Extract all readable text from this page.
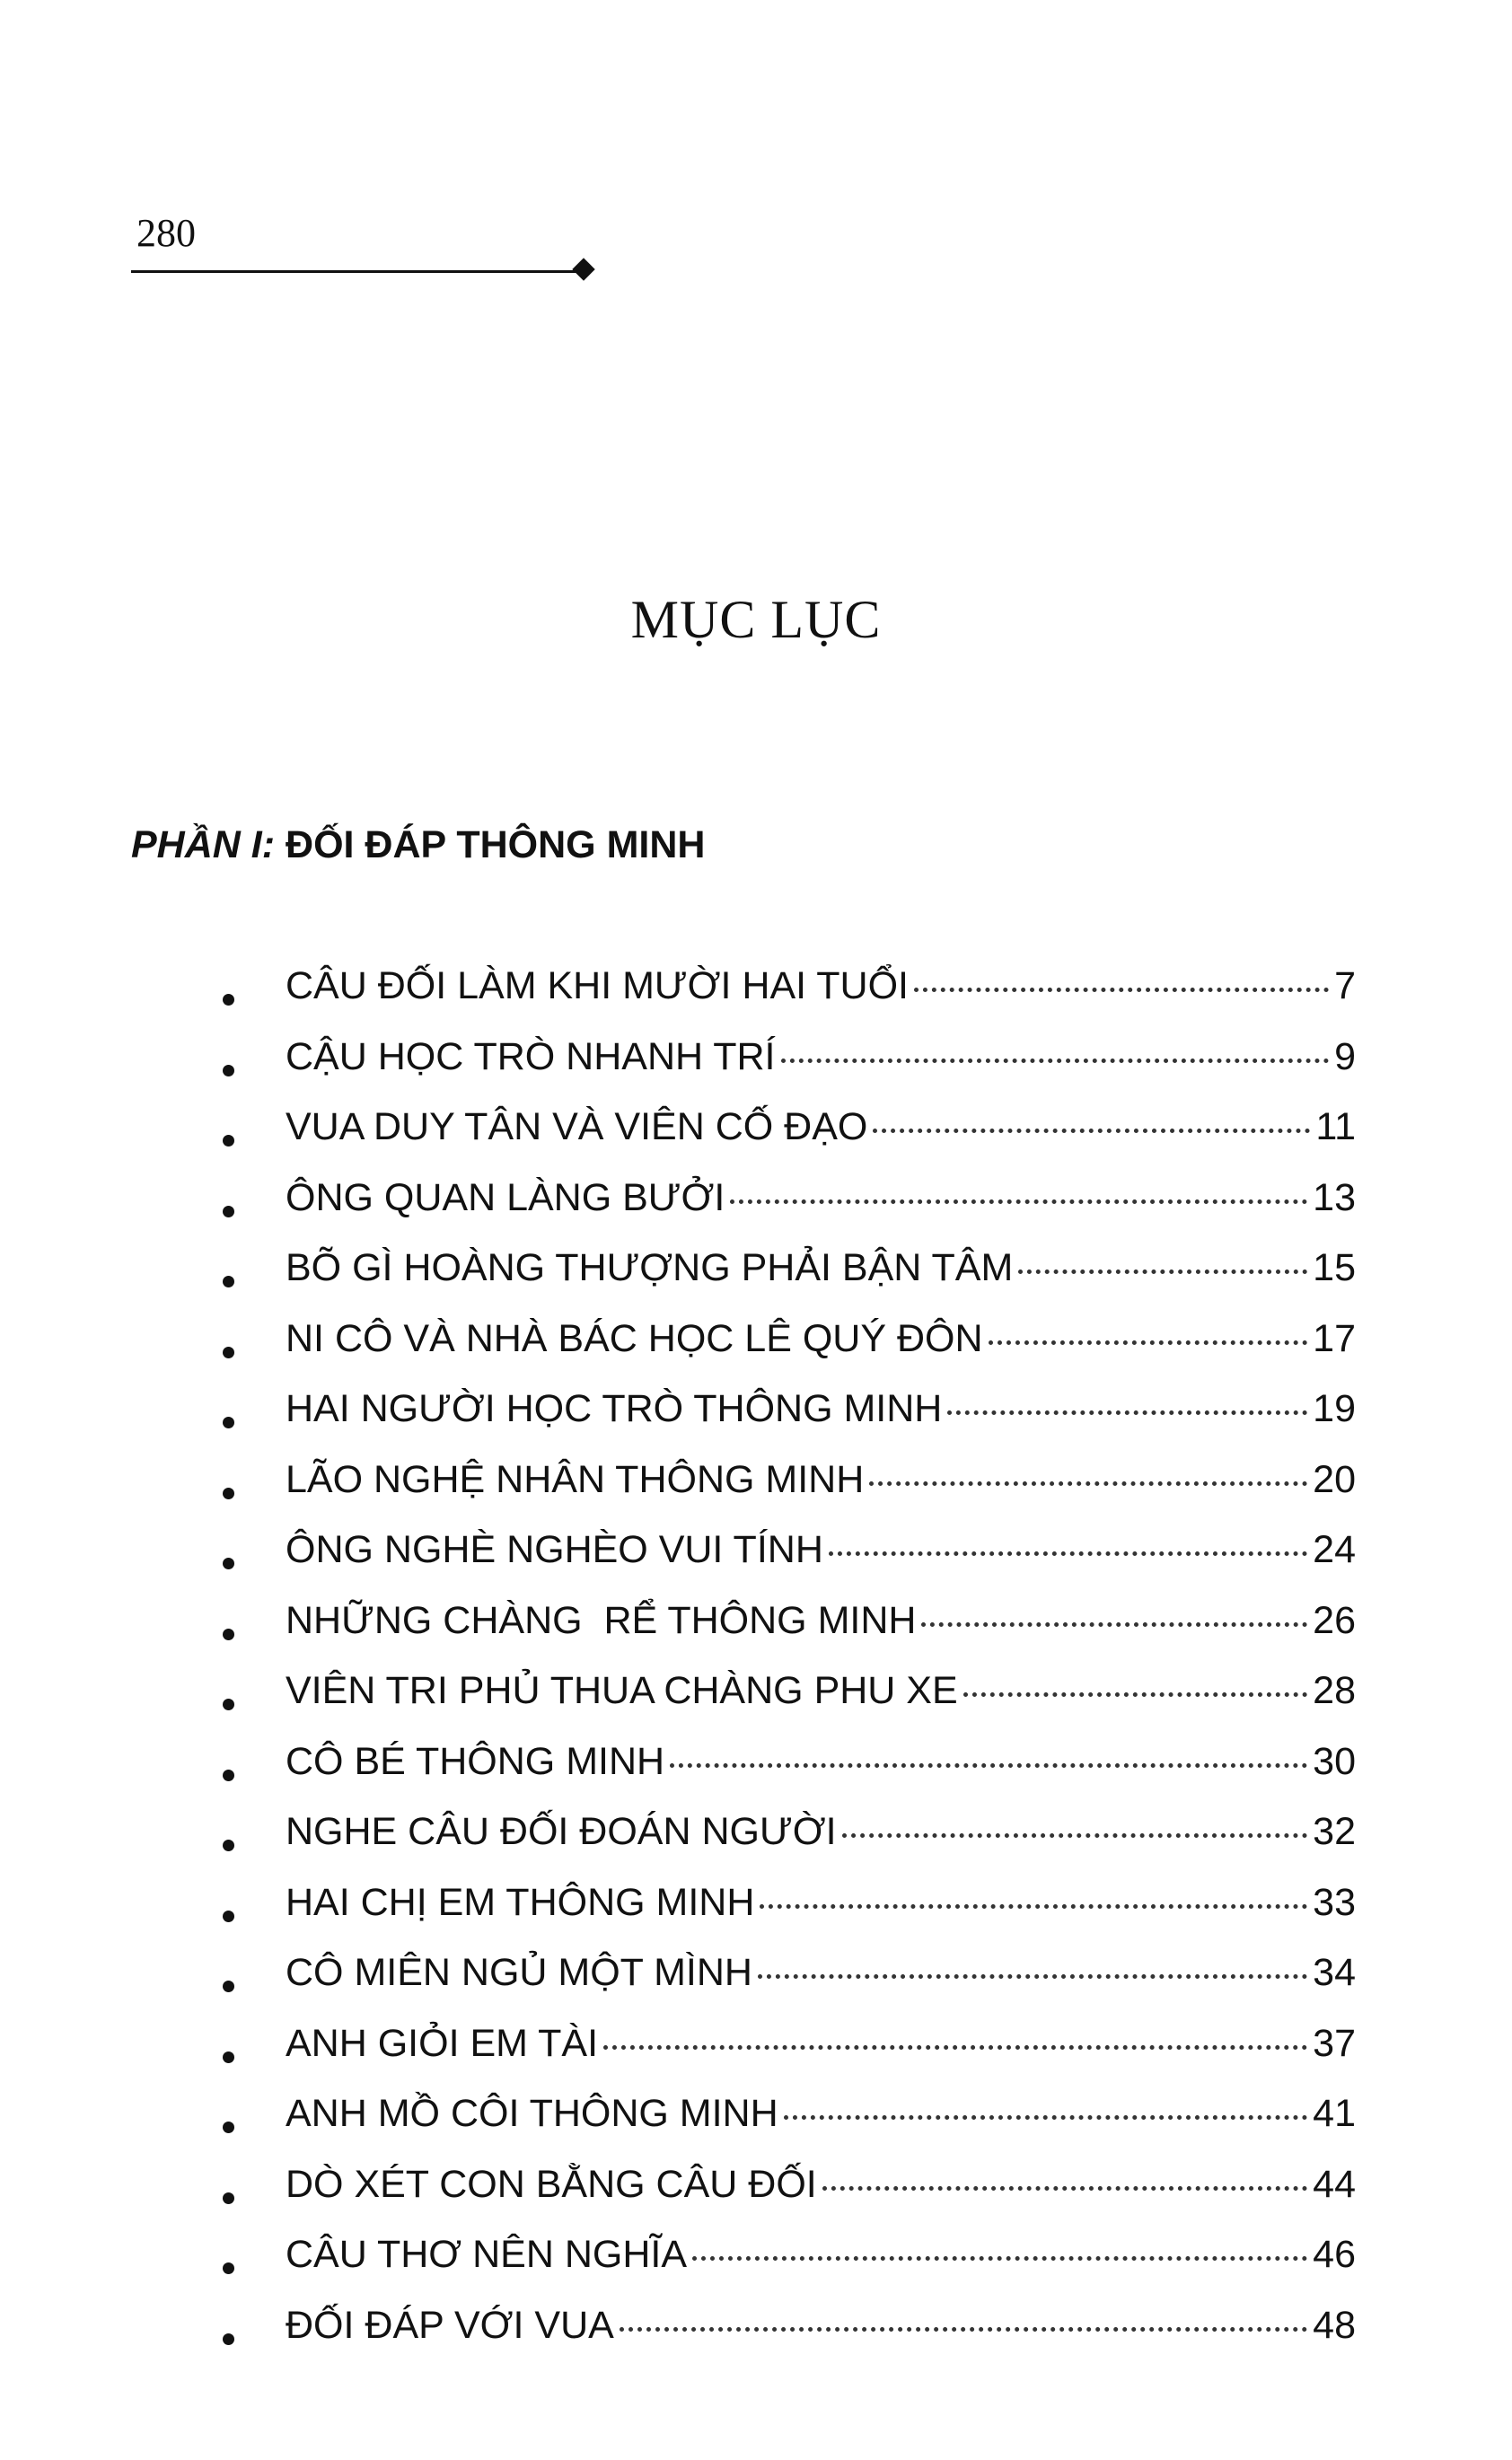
280
MỤC LỤC
PHẦN I: ĐỐI ĐÁP THÔNG MINH
CÂU ĐỐI LÀM KHI MƯỜI HAI TUỔI	7
CẬU HỌC TRÒ NHANH TRÍ	9
VUA DUY TÂN VÀ VIÊN CỐ ĐẠO	11
ÔNG QUAN LÀNG BƯỞI	13
BÕ GÌ HOÀNG THƯỢNG PHẢI BẬN TÂM	15
NI CÔ VÀ NHÀ BÁC HỌC LÊ QUÝ ĐÔN	17
HAI NGƯỜI HỌC TRÒ THÔNG MINH	19
LÃO NGHỆ NHÂN THÔNG MINH	20
ÔNG NGHÈ NGHÈO VUI TÍNH	24
NHỮNG CHÀNG  RỂ THÔNG MINH	26
VIÊN TRI PHỦ THUA CHÀNG PHU XE	28
CÔ BÉ THÔNG MINH	30
NGHE CÂU ĐỐI ĐOÁN NGƯỜI	32
HAI CHỊ EM THÔNG MINH	33
CÔ MIÊN NGỦ MỘT MÌNH	34
ANH GIỎI EM TÀI	37
ANH MỒ CÔI THÔNG MINH	41
DÒ XÉT CON BẰNG CÂU ĐỐI	44
CÂU THƠ NÊN NGHĨA	46
ĐỐI ĐÁP VỚI VUA	48
